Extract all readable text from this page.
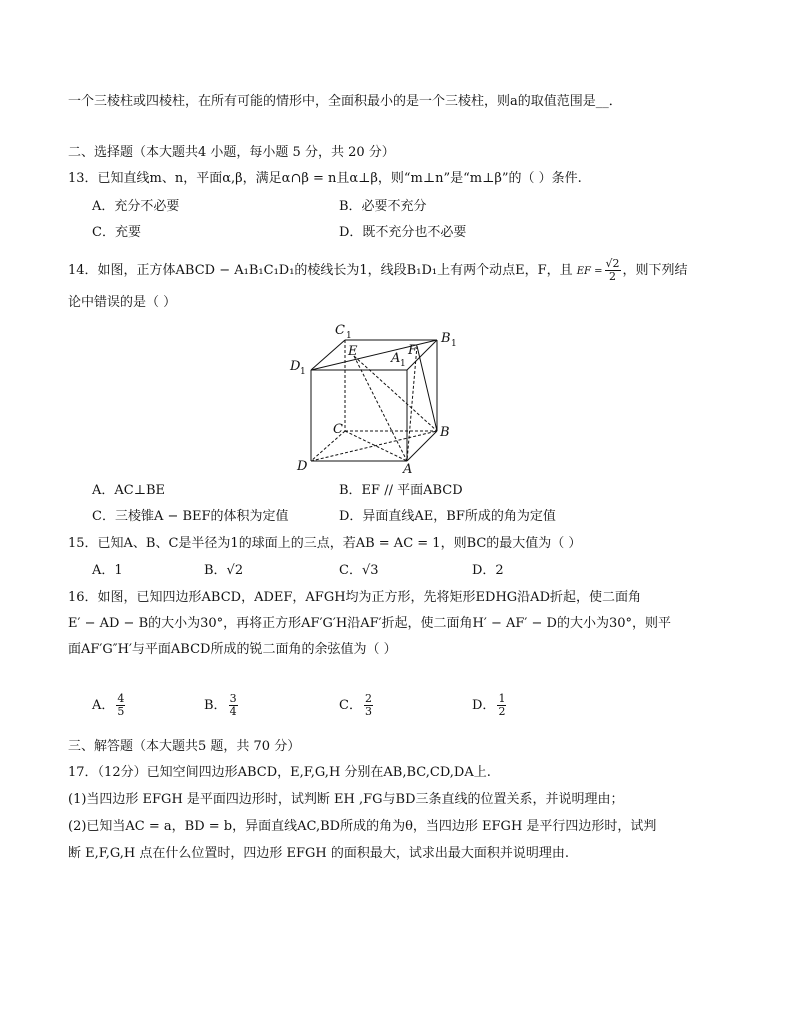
一个三棱柱或四棱柱，在所有可能的情形中，全面积最小的是一个三棱柱，则a的取值范围是__．
二、选择题（本大题共4 小题，每小题 5 分，共 20 分）
13．已知直线m、n，平面α,β，满足α∩β = n且α⊥β，则“m⊥n”是“m⊥β”的（ ）条件.
A．充分不必要	B．必要不充分
C．充要	D．既不充分也不必要
14．如图，正方体ABCD − A₁B₁C₁D₁的棱线长为1，线段B₁D₁上有两个动点E，F，且 EF = $\frac{√2}{2}$ ，则下列结
论中错误的是（ ）
C 1	B 1
D 1
A 1
E	F
C	B
D	A
A．AC⊥BE	B．EF // 平面ABCD
C．三棱锥A − BEF的体积为定值	D．异面直线AE，BF所成的角为定值
15．已知A、B、C是半径为1的球面上的三点，若AB = AC = 1，则BC的最大值为（ ）
A．1	B．√2	C．√3	D．2
16．如图，已知四边形ABCD，ADEF，AFGH均为正方形，先将矩形EDHG沿AD折起，使二面角
E′ − AD − B的大小为30°，再将正方形AF′G′H沿AF′折起，使二面角H′ − AF′ − D的大小为30°，则平
面AF′G″H′与平面ABCD所成的锐二面角的余弦值为（ ）
A． $\frac{4}{5}$	B． $\frac{3}{4}$	C． $\frac{2}{3}$	D． $\frac{1}{2}$
三、解答题（本大题共5 题，共 70 分）
17．（12分）已知空间四边形ABCD，E,F,G,H 分别在AB,BC,CD,DA上.
(1)当四边形 EFGH 是平面四边形时，试判断 EH ,FG与BD三条直线的位置关系，并说明理由；
(2)已知当AC = a，BD = b，异面直线AC,BD所成的角为θ，当四边形 EFGH 是平行四边形时，试判
断 E,F,G,H 点在什么位置时，四边形 EFGH 的面积最大，试求出最大面积并说明理由.
